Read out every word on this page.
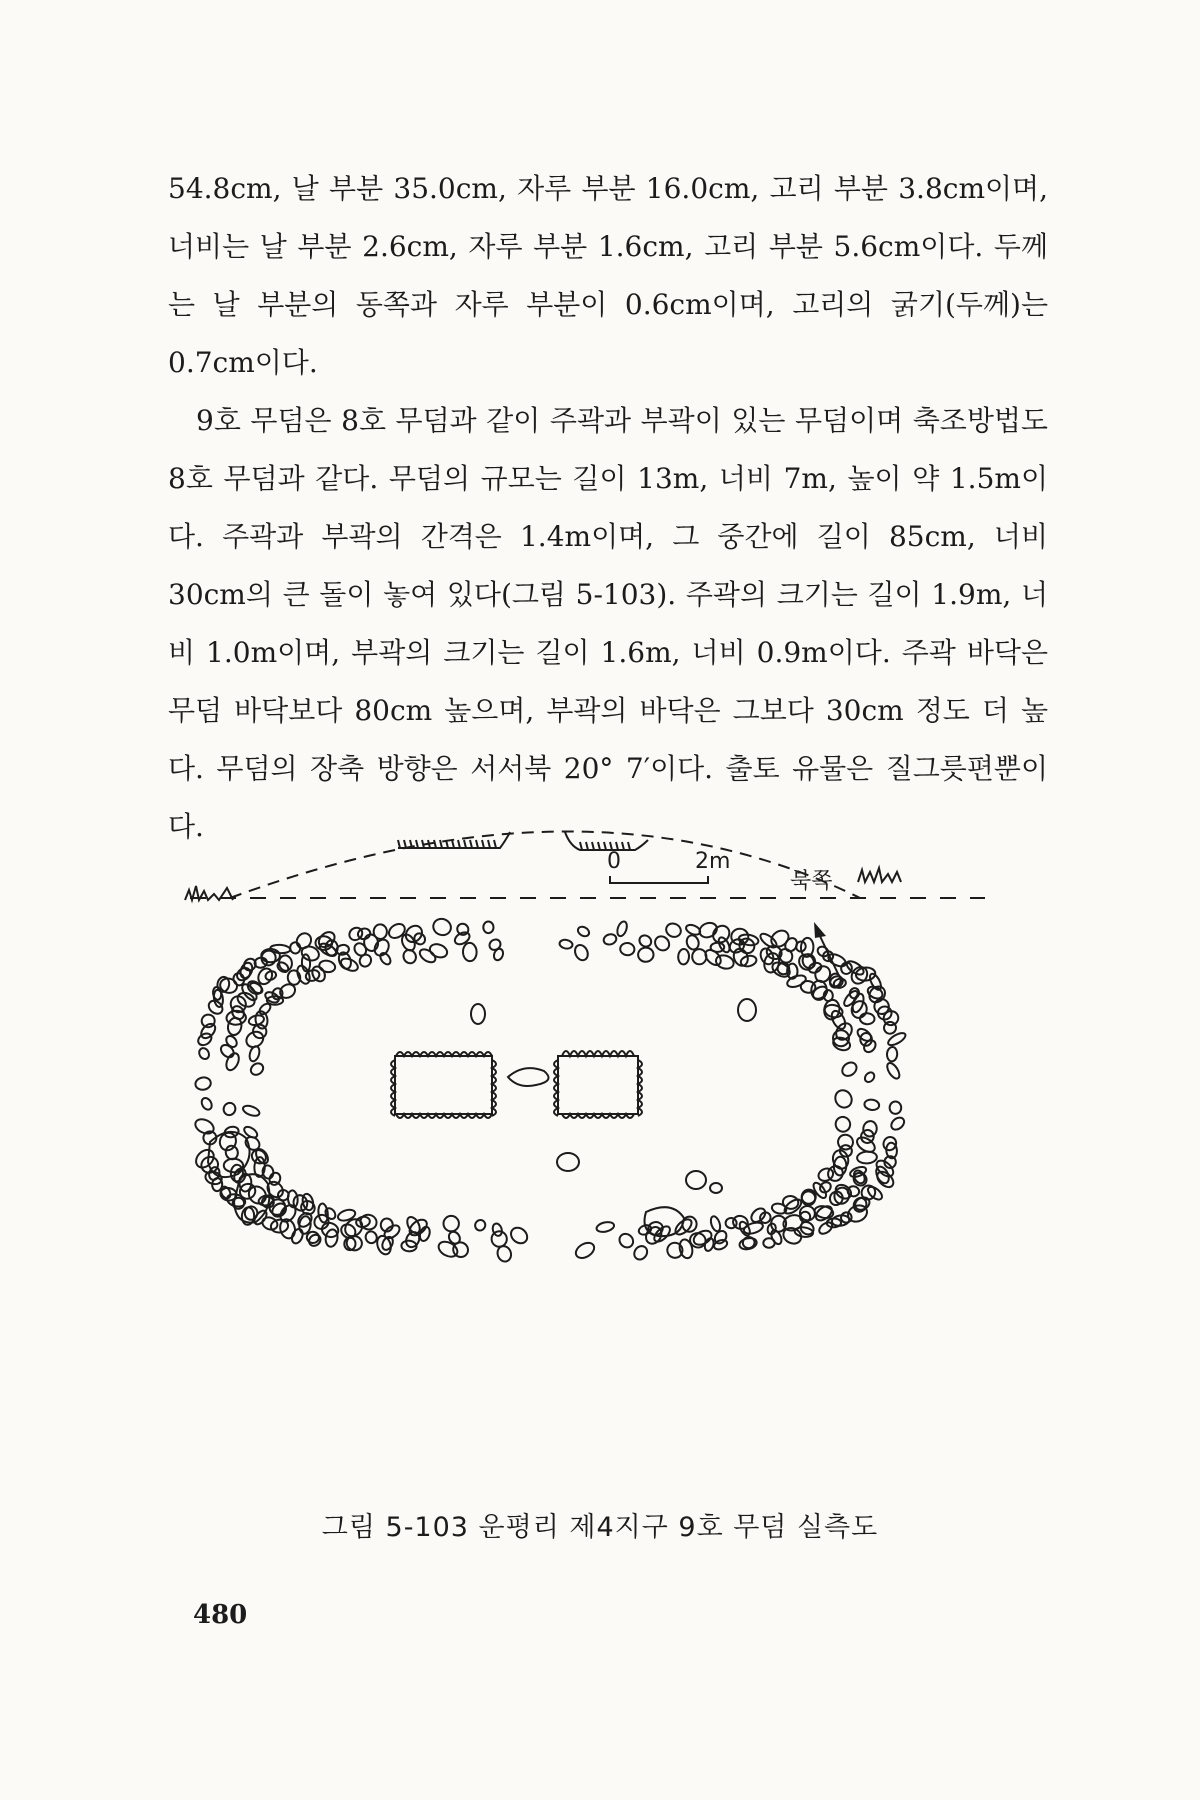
54.8cm, 날 부분 35.0cm, 자루 부분 16.0cm, 고리 부분 3.8cm이며, 너비는 날 부분 2.6cm, 자루 부분 1.6cm, 고리 부분 5.6cm이다. 두께는 날 부분의 동쪽과 자루 부분이 0.6cm이며, 고리의 굵기(두께)는 0.7cm이다.

9호 무덤은 8호 무덤과 같이 주곽과 부곽이 있는 무덤이며 축조방법도 8호 무덤과 같다. 무덤의 규모는 길이 13m, 너비 7m, 높이 약 1.5m이다. 주곽과 부곽의 간격은 1.4m이며, 그 중간에 길이 85cm, 너비 30cm의 큰 돌이 놓여 있다(그림 5-103). 주곽의 크기는 길이 1.9m, 너비 1.0m이며, 부곽의 크기는 길이 1.6m, 너비 0.9m이다. 주곽 바닥은 무덤 바닥보다 80cm 높으며, 부곽의 바닥은 그보다 30cm 정도 더 높다. 무덤의 장축 방향은 서서북 20° 7′이다. 출토 유물은 질그릇편뿐이다.

0	2m
북쪽
그림 5-103 운평리 제4지구 9호 무덤 실측도
480
